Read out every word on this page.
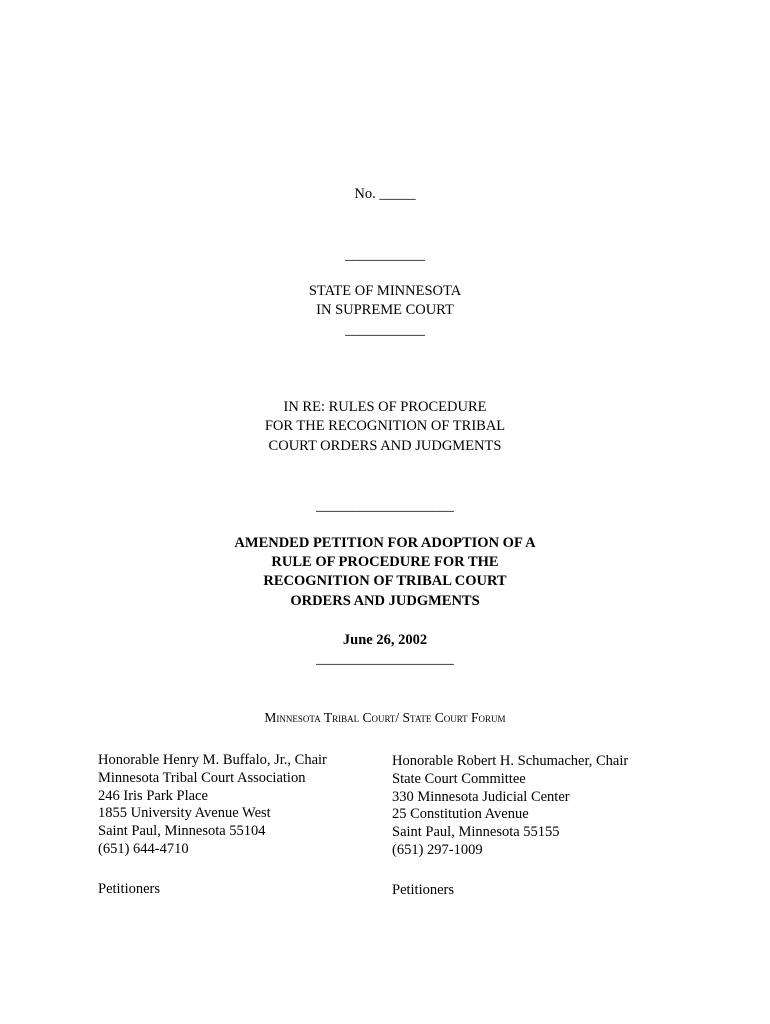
No. _____
___________
STATE OF MINNESOTA
IN SUPREME COURT
___________
IN RE: RULES OF PROCEDURE
FOR THE RECOGNITION OF TRIBAL
COURT ORDERS AND JUDGMENTS
___________________
AMENDED PETITION FOR ADOPTION OF A
RULE OF PROCEDURE FOR THE
RECOGNITION OF TRIBAL COURT
ORDERS AND JUDGMENTS
June 26, 2002
___________________
Minnesota Tribal Court/ State Court Forum
Honorable Henry M. Buffalo, Jr., Chair
Minnesota Tribal Court Association
246 Iris Park Place
1855 University Avenue West
Saint Paul, Minnesota 55104
(651) 644-4710
Honorable Robert H. Schumacher, Chair
State Court Committee
330 Minnesota Judicial Center
25 Constitution Avenue
Saint Paul, Minnesota 55155
(651) 297-1009
Petitioners	Petitioners
